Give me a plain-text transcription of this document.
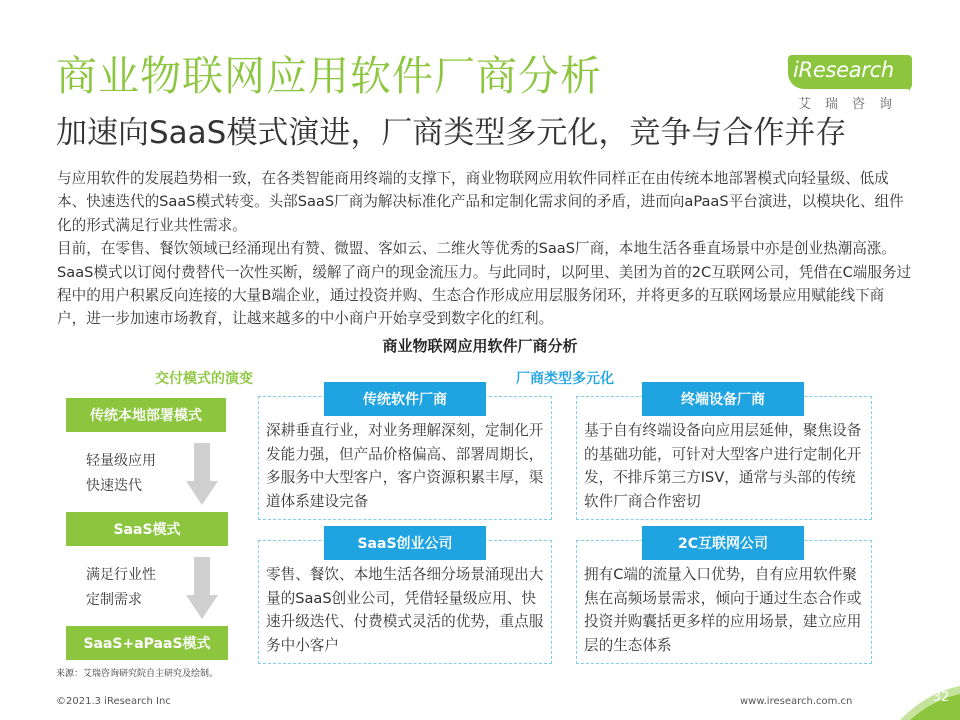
商业物联网应用软件厂商分析
加速向SaaS模式演进，厂商类型多元化，竞争与合作并存
iResearch
艾瑞咨询

与应用软件的发展趋势相一致，在各类智能商用终端的支撑下，商业物联网应用软件同样正在由传统本地部署模式向轻量级、低成本、快速迭代的SaaS模式转变。头部SaaS厂商为解决标准化产品和定制化需求间的矛盾，进而向aPaaS平台演进，以模块化、组件化的形式满足行业共性需求。

目前，在零售、餐饮领域已经涌现出有赞、微盟、客如云、二维火等优秀的SaaS厂商，本地生活各垂直场景中亦是创业热潮高涨。SaaS模式以订阅付费替代一次性买断，缓解了商户的现金流压力。与此同时，以阿里、美团为首的2C互联网公司，凭借在C端服务过程中的用户积累反向连接的大量B端企业，通过投资并购、生态合作形成应用层服务闭环，并将更多的互联网场景应用赋能线下商户，进一步加速市场教育，让越来越多的中小商户开始享受到数字化的红利。

商业物联网应用软件厂商分析
交付模式的演变
传统本地部署模式
轻量级应用
快速迭代
SaaS模式
满足行业性
定制需求
SaaS+aPaaS模式
厂商类型多元化
传统软件厂商
深耕垂直行业，对业务理解深刻，定制化开发能力强，但产品价格偏高、部署周期长，多服务中大型客户，客户资源积累丰厚，渠道体系建设完备
终端设备厂商
基于自有终端设备向应用层延伸，聚焦设备的基础功能，可针对大型客户进行定制化开发，不排斥第三方ISV，通常与头部的传统软件厂商合作密切
SaaS创业公司
零售、餐饮、本地生活各细分场景涌现出大量的SaaS创业公司，凭借轻量级应用、快速升级迭代、付费模式灵活的优势，重点服务中小客户
2C互联网公司
拥有C端的流量入口优势，自有应用软件聚焦在高频场景需求，倾向于通过生态合作或投资并购囊括更多样的应用场景，建立应用层的生态体系
来源：艾瑞咨询研究院自主研究及绘制。
©2021.3 iResearch Inc	www.iresearch.com.cn	32
